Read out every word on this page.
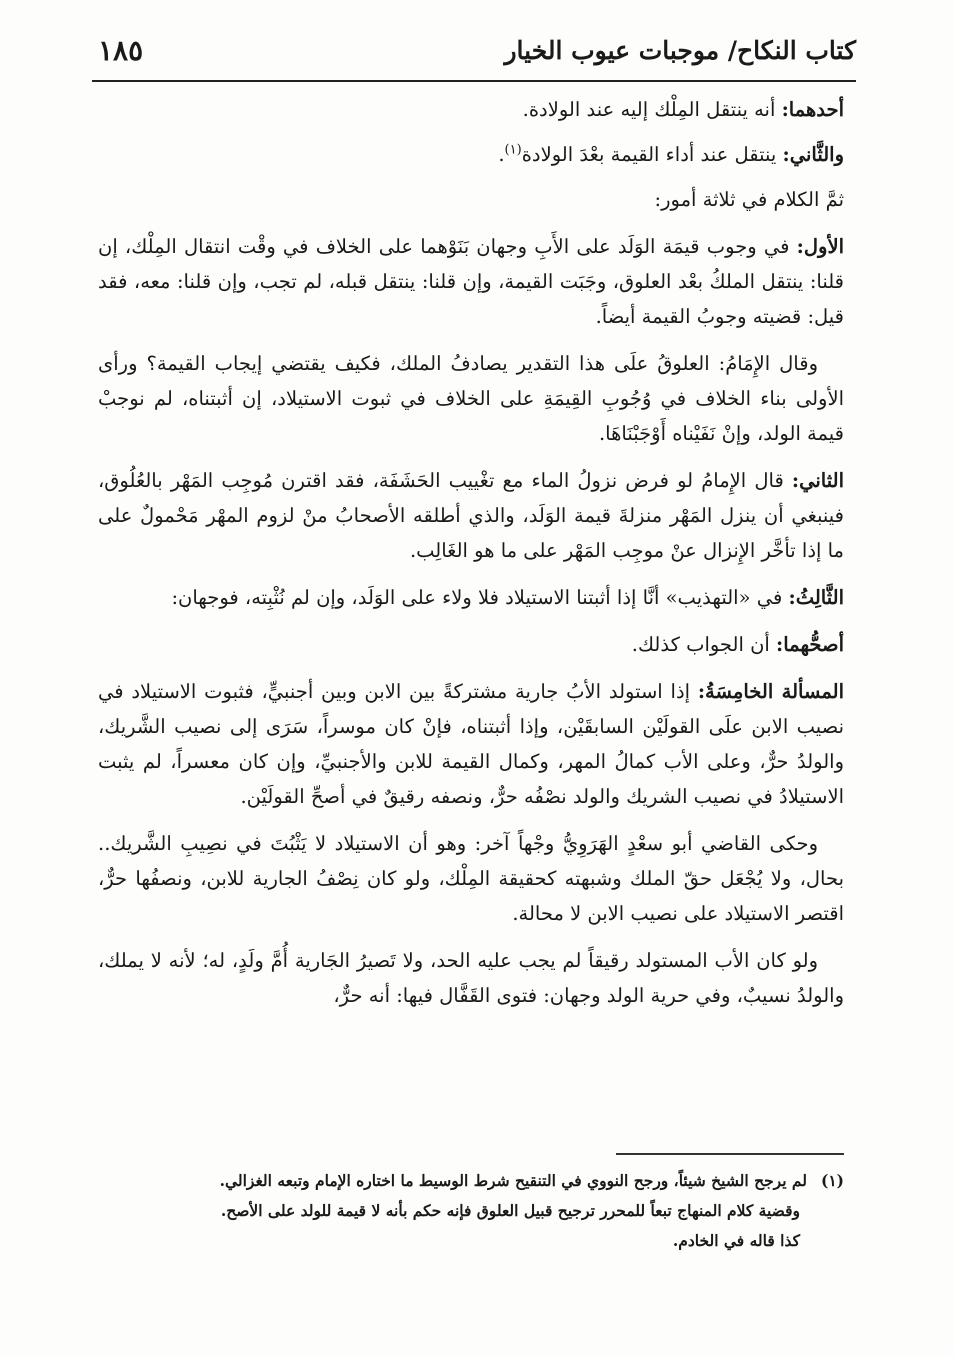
كتاب النكاح/ موجبات عيوب الخيار
١٨٥

أحدهما: أنه ينتقل المِلْك إليه عند الولادة.

والثَّاني: ينتقل عند أداء القيمة بعْدَ الولادة$^{(١)}$.

ثمَّ الكلام في ثلاثة أمور:

الأول: في وجوب قيمَة الوَلَد على الأَبِ وجهان بَنَوْهما على الخلاف في وقْت انتقال المِلْك، إن قلنا: ينتقل الملكُ بعْد العلوق، وجَبَت القيمة، وإن قلنا: ينتقل قبله، لم تجب، وإن قلنا: معه، فقد قيل: قضيته وجوبُ القيمة أيضاً.

وقال الإِمَامُ: العلوقُ علَى هذا التقدير يصادفُ الملك، فكيف يقتضي إيجاب القيمة؟ ورأى الأولى بناء الخلاف في وُجُوبِ القِيمَةِ على الخلاف في ثبوت الاستيلاد، إن أثبتناه، لم نوجبْ قيمة الولد، وإنْ نَفَيْناه أَوْجَبْنَاهَا.

الثاني: قال الإِمامُ لو فرض نزولُ الماء مع تغْييب الحَشَفَة، فقد اقترن مُوجِب المَهْر بالعُلُوق، فينبغي أن ينزل المَهْر منزلةَ قيمة الوَلَد، والذي أطلقه الأصحابُ منْ لزوم المهْر مَحْمولٌ على ما إذا تأخَّر الإِنزال عنْ موجِب المَهْر على ما هو الغَالِب.

الثَّالِثُ: في «التهذيب» أنَّا إذا أثبتنا الاستيلاد فلا ولاء على الوَلَد، وإن لم نُثْبِته، فوجهان:

أصحُّهما: أن الجواب كذلك.

المسألة الخامِسَةُ: إذا استولد الأبُ جارية مشتركةً بين الابن وبين أجنبيٍّ، فثبوت الاستيلاد في نصيب الابن علَى القولَيْن السابقَيْن، وإذا أثبتناه، فإنْ كان موسراً، سَرَى إلى نصيب الشَّريك، والولدُ حرٌّ، وعلى الأب كمالُ المهر، وكمال القيمة للابن والأجنبيِّ، وإن كان معسراً، لم يثبت الاستيلادُ في نصيب الشريك والولد نصْفُه حرٌّ، ونصفه رقيقٌ في أصحِّ القولَيْن.

وحكى القاضي أبو سعْدٍ الهَرَوِيُّ وجْهاً آخر: وهو أن الاستيلاد لا يَثْبُتَ في نصِيبِ الشَّريك.. بحال، ولا يُجْعَل حقّ الملك وشبهته كحقيقة المِلْك، ولو كان نِصْفُ الجارية للابن، ونصفُها حرٌّ، اقتصر الاستيلاد على نصيب الابن لا محالة.

ولو كان الأب المستولد رقيقاً لم يجب عليه الحد، ولا تَصيرُ الجَارية أُمَّ ولَدٍ، له؛ لأنه لا يملك، والولدُ نسيبٌ، وفي حرية الولد وجهان: فتوى القَفَّال فيها: أنه حرٌّ،

(١)لم يرجح الشيخ شيئاً، ورجح النووي في التنقيح شرط الوسيط ما اختاره الإمام وتبعه الغزالي.

وقضية كلام المنهاج تبعاً للمحرر ترجيح قبيل العلوق فإنه حكم بأنه لا قيمة للولد على الأصح.

كذا قاله في الخادم.
